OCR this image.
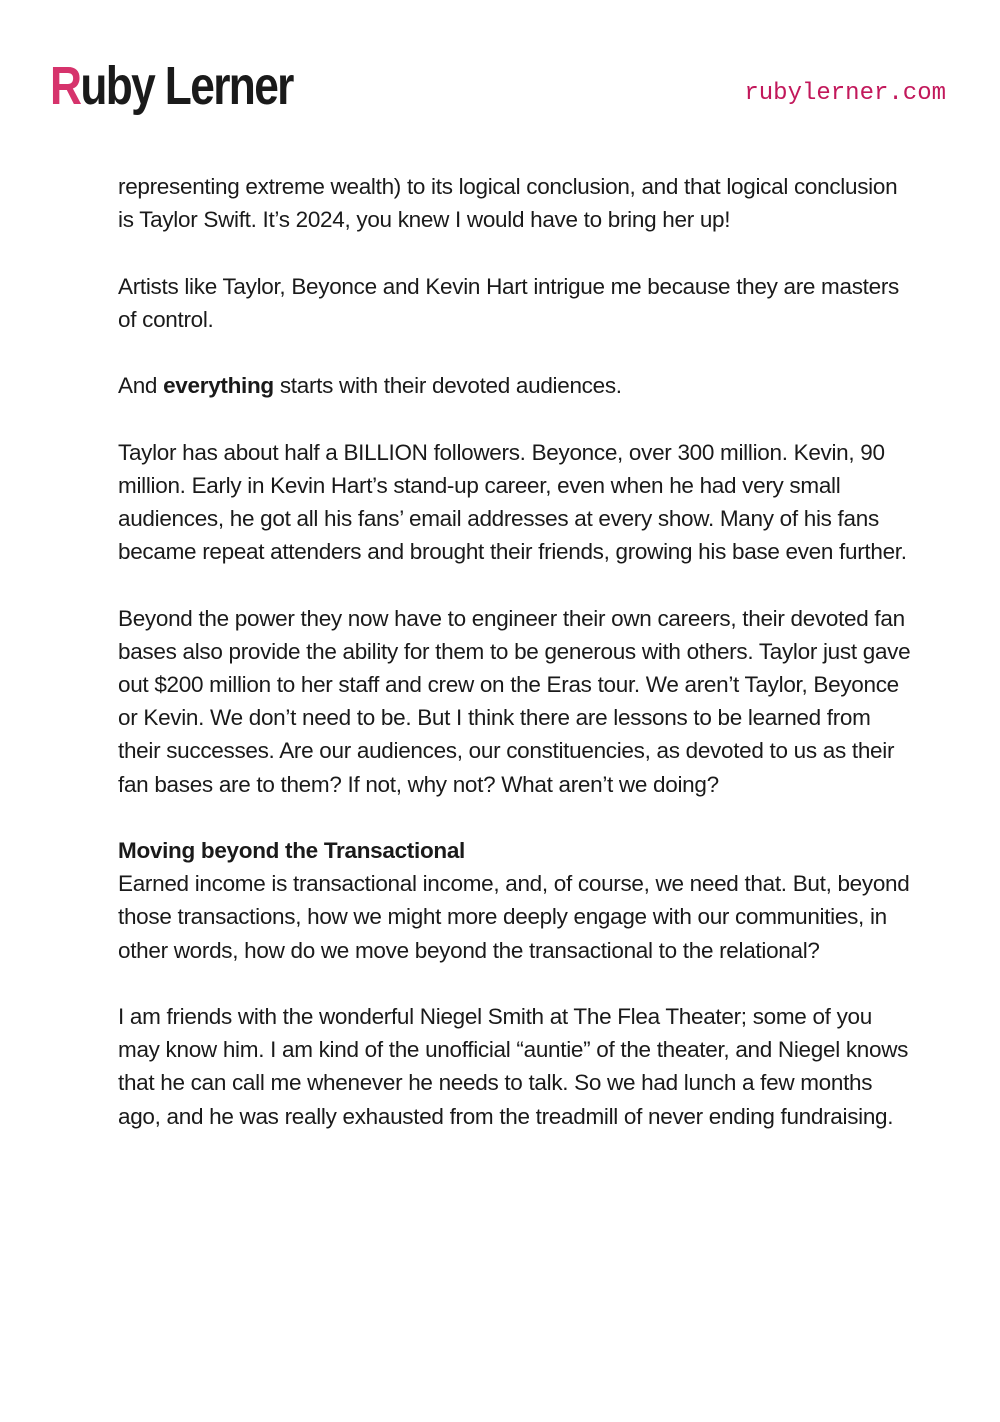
Ruby Lerner	rubylerner.com

representing extreme wealth) to its logical conclusion, and that logical conclusion is Taylor Swift. It’s 2024, you knew I would have to bring her up!

Artists like Taylor, Beyonce and Kevin Hart intrigue me because they are masters of control.

And everything starts with their devoted audiences.

Taylor has about half a BILLION followers. Beyonce, over 300 million. Kevin, 90 million. Early in Kevin Hart’s stand-up career, even when he had very small audiences, he got all his fans’ email addresses at every show. Many of his fans became repeat attenders and brought their friends, growing his base even further.

Beyond the power they now have to engineer their own careers, their devoted fan bases also provide the ability for them to be generous with others. Taylor just gave out $200 million to her staff and crew on the Eras tour. We aren’t Taylor, Beyonce or Kevin. We don’t need to be. But I think there are lessons to be learned from their successes. Are our audiences, our constituencies, as devoted to us as their fan bases are to them? If not, why not? What aren’t we doing?

Moving beyond the Transactional

Earned income is transactional income, and, of course, we need that. But, beyond those transactions, how we might more deeply engage with our communities, in other words, how do we move beyond the transactional to the relational?

I am friends with the wonderful Niegel Smith at The Flea Theater; some of you may know him. I am kind of the unofficial “auntie” of the theater, and Niegel knows that he can call me whenever he needs to talk. So we had lunch a few months ago, and he was really exhausted from the treadmill of never ending fundraising.
